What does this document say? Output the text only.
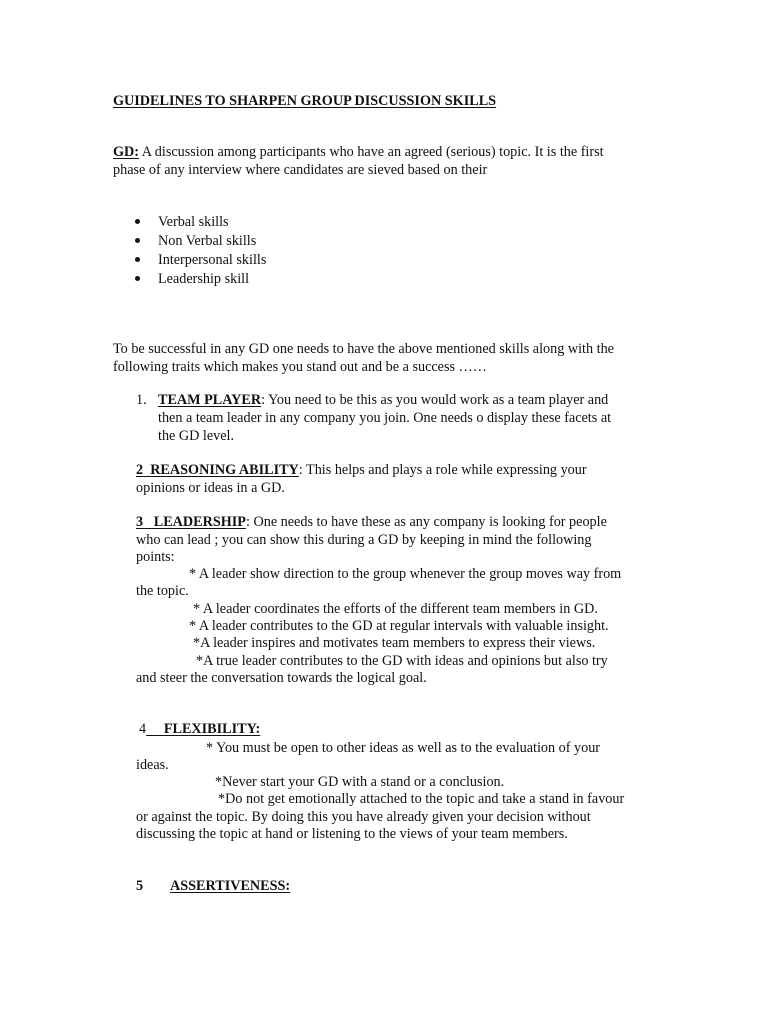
GUIDELINES TO SHARPEN GROUP DISCUSSION SKILLS
GD: A discussion among participants who have an agreed (serious) topic. It is the first
phase of any interview where candidates are sieved based on their
Verbal skills
Non Verbal skills
Interpersonal skills
Leadership skill
To be successful in any GD one needs to have the above mentioned skills along with the
following traits which makes you stand out and be a success ……
1. TEAM PLAYER: You need to be this as you would work as a team player and
then a team leader in any company you join. One needs o display these facets at
the GD level.
2 REASONING ABILITY: This helps and plays a role while expressing your
opinions or ideas in a GD.
3 LEADERSHIP: One needs to have these as any company is looking for people
who can lead ; you can show this during a GD by keeping in mind the following
points:
* A leader show direction to the group whenever the group moves way from
the topic.
* A leader coordinates the efforts of the different team members in GD.
* A leader contributes to the GD at regular intervals with valuable insight.
*A leader inspires and motivates team members to express their views.
*A true leader contributes to the GD with ideas and opinions but also try
and steer the conversation towards the logical goal.
4 FLEXIBILITY:
* You must be open to other ideas as well as to the evaluation of your
ideas.
*Never start your GD with a stand or a conclusion.
*Do not get emotionally attached to the topic and take a stand in favour
or against the topic. By doing this you have already given your decision without
discussing the topic at hand or listening to the views of your team members.
5 ASSERTIVENESS:
